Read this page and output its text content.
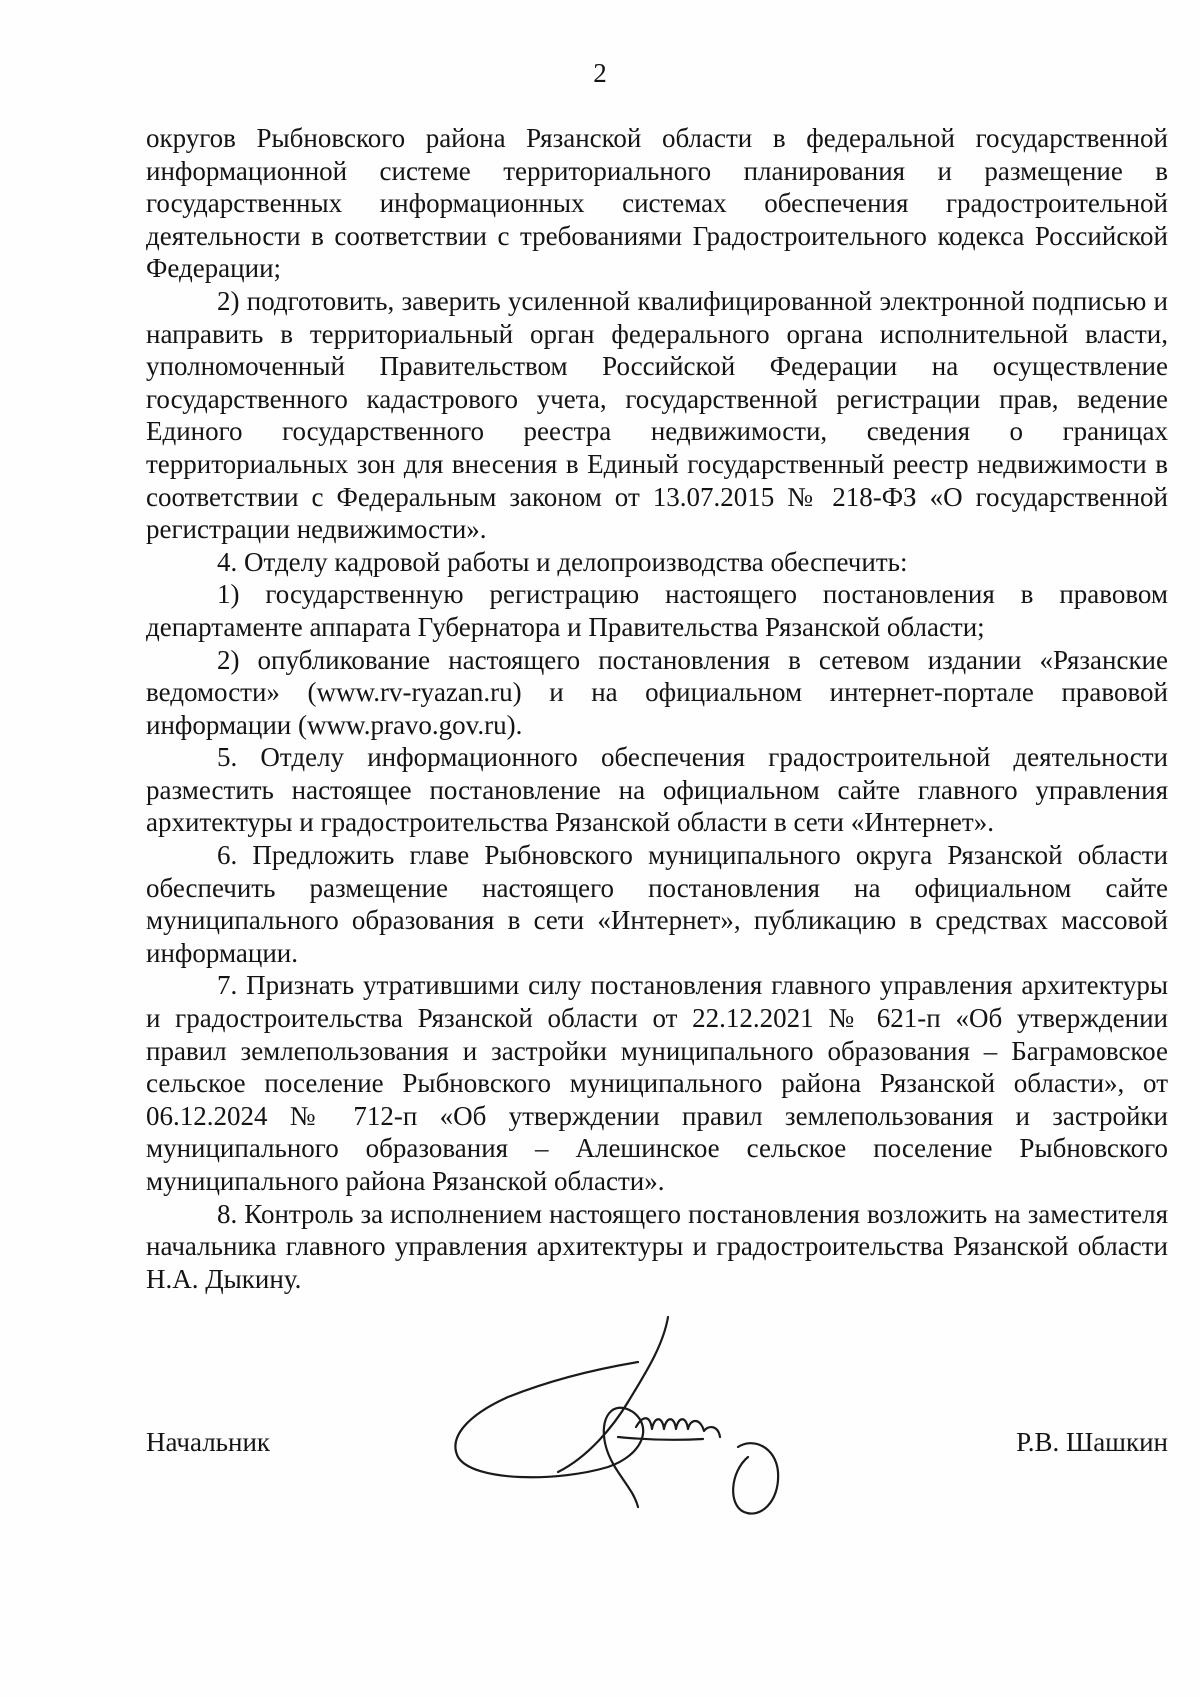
2

округов Рыбновского района Рязанской области в федеральной государственной информационной системе территориального планирования и размещение в государственных информационных системах обеспечения градостроительной деятельности в соответствии с требованиями Градостроительного кодекса Российской Федерации;

2) подготовить, заверить усиленной квалифицированной электронной подписью и направить в территориальный орган федерального органа исполнительной власти, уполномоченный Правительством Российской Федерации на осуществление государственного кадастрового учета, государственной регистрации прав, ведение Единого государственного реестра недвижимости, сведения о границах территориальных зон для внесения в Единый государственный реестр недвижимости в соответствии с Федеральным законом от 13.07.2015 № 218-ФЗ «О государственной регистрации недвижимости».

4. Отделу кадровой работы и делопроизводства обеспечить:

1) государственную регистрацию настоящего постановления в правовом департаменте аппарата Губернатора и Правительства Рязанской области;

2) опубликование настоящего постановления в сетевом издании «Рязанские ведомости» (www.rv-ryazan.ru) и на официальном интернет-портале правовой информации (www.pravo.gov.ru).

5. Отделу информационного обеспечения градостроительной деятельности разместить настоящее постановление на официальном сайте главного управления архитектуры и градостроительства Рязанской области в сети «Интернет».

6. Предложить главе Рыбновского муниципального округа Рязанской области обеспечить размещение настоящего постановления на официальном сайте муниципального образования в сети «Интернет», публикацию в средствах массовой информации.

7. Признать утратившими силу постановления главного управления архитектуры и градостроительства Рязанской области от 22.12.2021 № 621-п «Об утверждении правил землепользования и застройки муниципального образования – Баграмовское сельское поселение Рыбновского муниципального района Рязанской области», от 06.12.2024 № 712-п «Об утверждении правил землепользования и застройки муниципального образования – Алешинское сельское поселение Рыбновского муниципального района Рязанской области».

8. Контроль за исполнением настоящего постановления возложить на заместителя начальника главного управления архитектуры и градостроительства Рязанской области Н.А. Дыкину.

Начальник	Р.В. Шашкин
